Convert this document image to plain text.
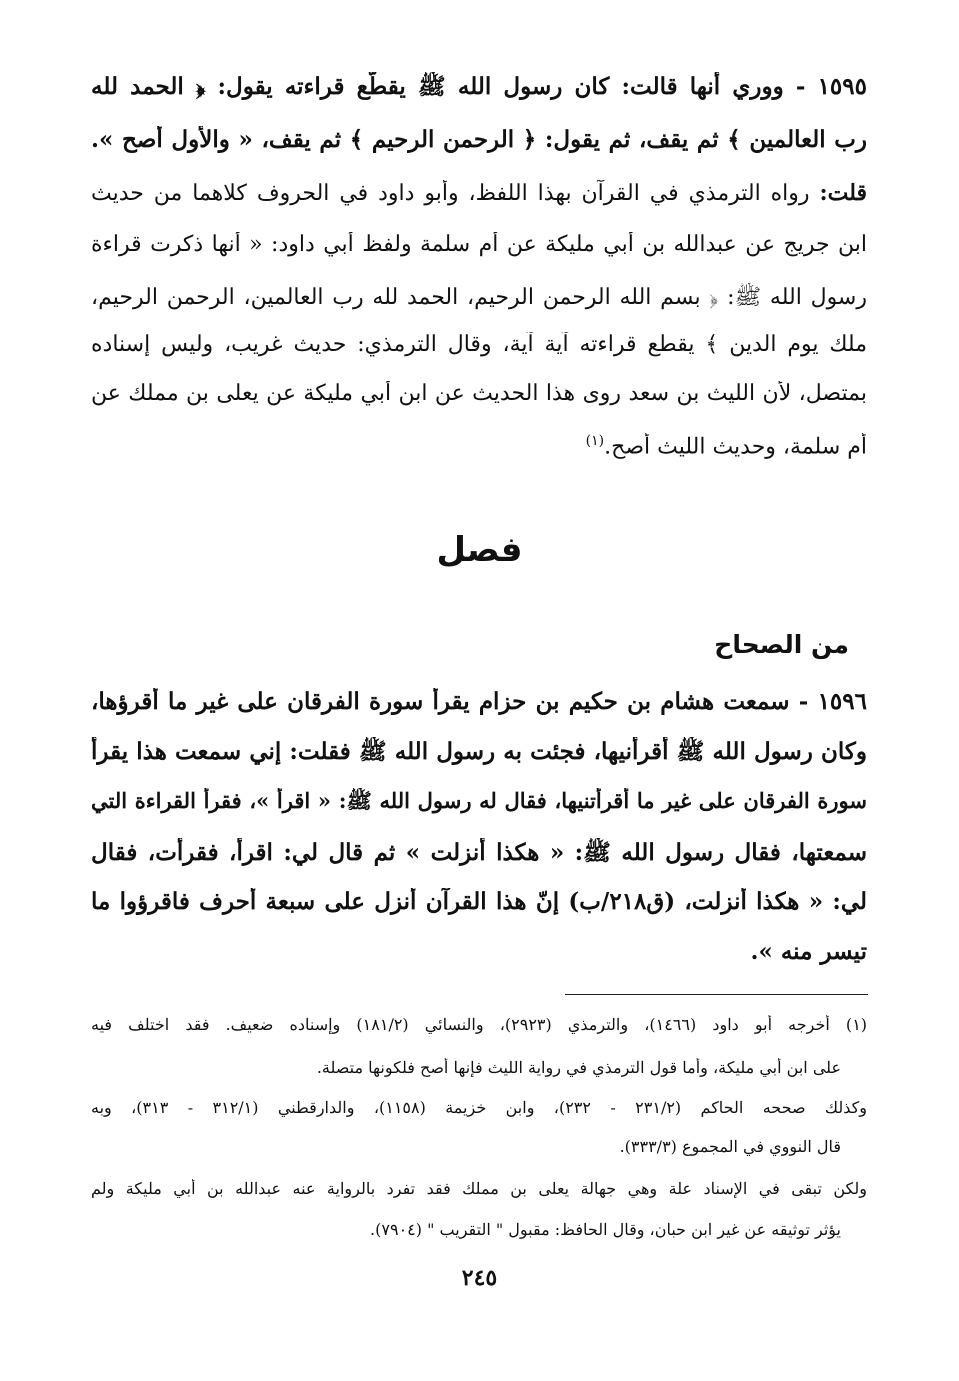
١٥٩٥ - ووري أنها قالت: كان رسول الله ﷺ يقطّع قراءته يقول: ﴿ الحمد لله
رب العالمين ﴾ ثم يقف، ثم يقول: ﴿ الرحمن الرحيم ﴾ ثم يقف، « والأول أصح ».
قلت: رواه الترمذي في القرآن بهذا اللفظ، وأبو داود في الحروف كلاهما من حديث
ابن جريج عن عبدالله بن أبي مليكة عن أم سلمة ولفظ أبي داود: « أنها ذكرت قراءة
رسول الله ﷺ: ﴿ بسم الله الرحمن الرحيم، الحمد لله رب العالمين، الرحمن الرحيم،
ملك يوم الدين ﴾ يقطع قراءته آية آية، وقال الترمذي: حديث غريب، وليس إسناده
بمتصل، لأن الليث بن سعد روى هذا الحديث عن ابن أبي مليكة عن يعلى بن مملك عن
أم سلمة، وحديث الليث أصح.$^{(١)}$
فصل
من الصحاح
١٥٩٦ - سمعت هشام بن حكيم بن حزام يقرأ سورة الفرقان على غير ما أقرؤها،
وكان رسول الله ﷺ أقرأنيها، فجئت به رسول الله ﷺ فقلت: إني سمعت هذا يقرأ
سورة الفرقان على غير ما أقرأتنيها، فقال له رسول الله ﷺ: « اقرأ »، فقرأ القراءة التي
سمعتها، فقال رسول الله ﷺ: « هكذا أنزلت » ثم قال لي: اقرأ، فقرأت، فقال
لي: « هكذا أنزلت، (ق٢١٨/ب) إنّ هذا القرآن أنزل على سبعة أحرف فاقرؤوا ما
تيسر منه ».
(١) أخرجه أبو داود (١٤٦٦)، والترمذي (٢٩٢٣)، والنسائي (١٨١/٢) وإسناده ضعيف. فقد اختلف فيه
على ابن أبي مليكة، وأما قول الترمذي في رواية الليث فإنها أصح فلكونها متصلة.
وكذلك صححه الحاكم (٢٣١/٢ - ٢٣٢)، وابن خزيمة (١١٥٨)، والدارقطني (٣١٢/١ - ٣١٣)، وبه
قال النووي في المجموع (٣٣٣/٣).
ولكن تبقى في الإسناد علة وهي جهالة يعلى بن مملك فقد تفرد بالرواية عنه عبدالله بن أبي مليكة ولم
يؤثر توثيقه عن غير ابن حبان، وقال الحافظ: مقبول " التقريب " (٧٩٠٤).
٢٤٥
